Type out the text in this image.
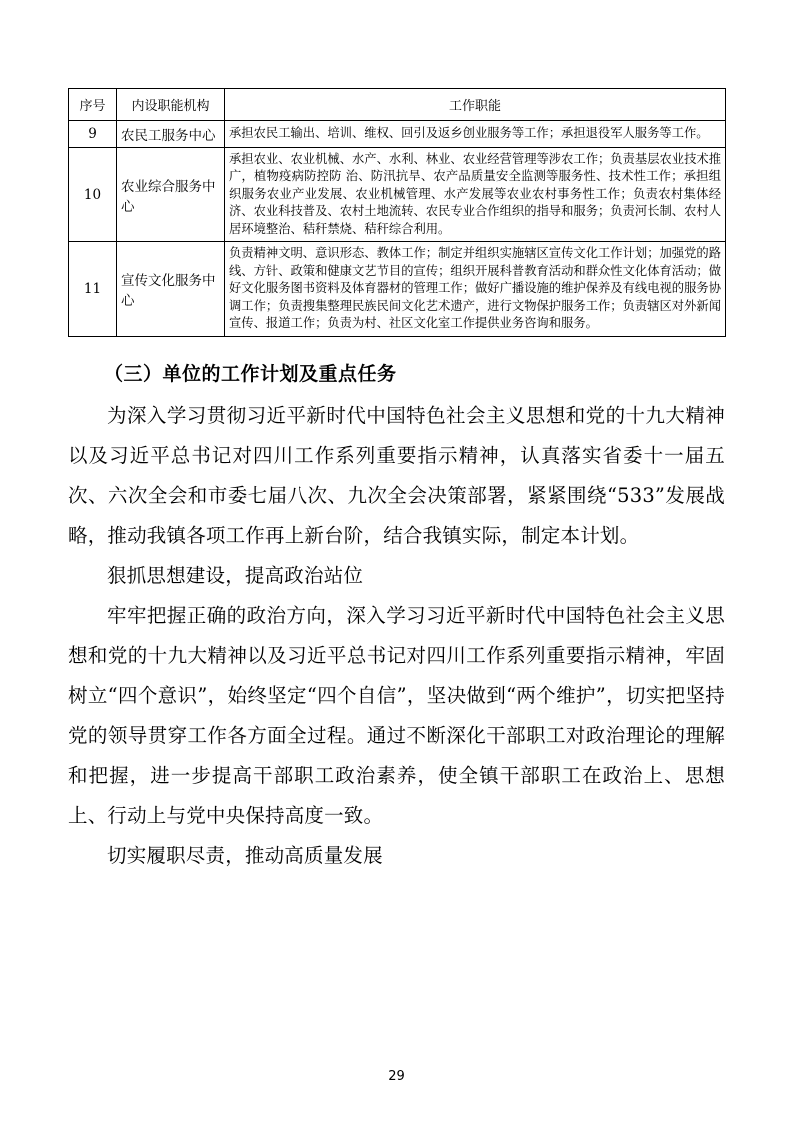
序号	内设职能机构	工作职能
9	农民工服务中心	承担农民工输出、培训、维权、回引及返乡创业服务等工作；承担退役军人服务等工作。
10	农业综合服务中心	承担农业、农业机械、水产、水利、林业、农业经营管理等涉农工作；负责基层农业技术推广，植物疫病防控防 治、防汛抗旱、农产品质量安全监测等服务性、技术性工作；承担组织服务农业产业发展、农业机械管理、水产发展等农业农村事务性工作；负责农村集体经济、农业科技普及、农村土地流转、农民专业合作组织的指导和服务；负责河长制、农村人居环境整治、秸秆禁烧、秸秆综合利用。
11	宣传文化服务中心	负责精神文明、意识形态、教体工作；制定并组织实施辖区宣传文化工作计划；加强党的路线、方针、政策和健康文艺节目的宣传；组织开展科普教育活动和群众性文化体育活动；做好文化服务图书资料及体育器材的管理工作；做好广播设施的维护保养及有线电视的服务协调工作；负责搜集整理民族民间文化艺术遗产，进行文物保护服务工作；负责辖区对外新闻宣传、报道工作；负责为村、社区文化室工作提供业务咨询和服务。
（三）单位的工作计划及重点任务

为深入学习贯彻习近平新时代中国特色社会主义思想和党的十九大精神以及习近平总书记对四川工作系列重要指示精神，认真落实省委十一届五次、六次全会和市委七届八次、九次全会决策部署，紧紧围绕“533”发展战略，推动我镇各项工作再上新台阶，结合我镇实际，制定本计划。

狠抓思想建设，提高政治站位

牢牢把握正确的政治方向，深入学习习近平新时代中国特色社会主义思想和党的十九大精神以及习近平总书记对四川工作系列重要指示精神，牢固树立“四个意识”，始终坚定“四个自信”，坚决做到“两个维护”，切实把坚持党的领导贯穿工作各方面全过程。通过不断深化干部职工对政治理论的理解和把握，进一步提高干部职工政治素养，使全镇干部职工在政治上、思想上、行动上与党中央保持高度一致。

切实履职尽责，推动高质量发展

29
